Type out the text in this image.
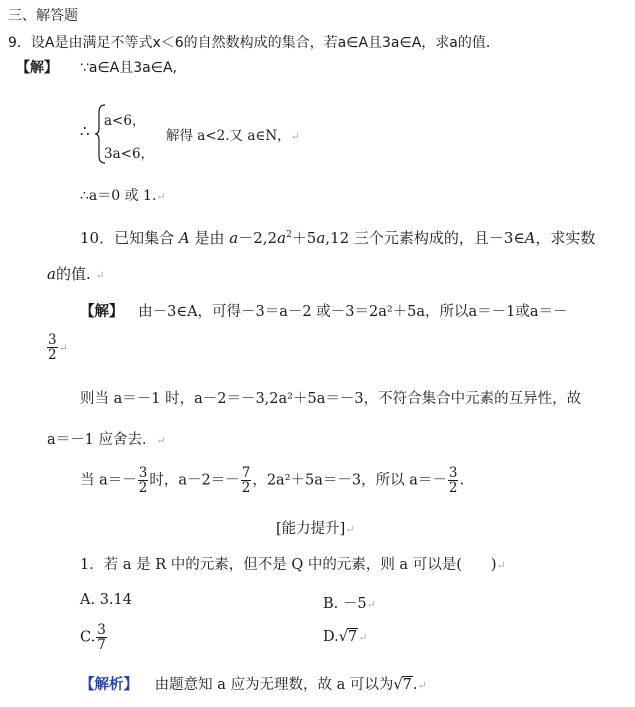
三、解答题
9．设A是由满足不等式x＜6的自然数构成的集合，若a∈A且3a∈A，求a的值．
【解】 ∵a∈A且3a∈A,
∴
a<6，
3a<6，
解得 a<2.又 a∈N，↵
∴a＝0 或 1.↵
10．已知集合 A 是由 $a-2,2a^2+5a,12$ 三个元素构成的，且－3∈A，求实数
a的值. ↵
【解】 由－3∈A，可得－3＝a－2 或－3＝2a²＋5a，所以a＝－1或a＝－
$\frac{3}{2}$ ↵
则当 a＝－1 时，a－2＝－3,2a²＋5a＝－3，不符合集合中元素的互异性，故
a＝－1 应舍去．↵
当 $a=- \frac{3}{2}$ 时，$a-2=- \frac{7}{2}$ ，2a²＋5a＝－3，所以 $a=- \frac{3}{2}$ .
[能力提升]↵
1．若 a 是 R 中的元素，但不是 Q 中的元素，则 a 可以是(　　)↵
A. 3.14	B. －5↵
C. $\frac{3}{7}$	D.√7↵
【解析】 由题意知 a 应为无理数，故 a 可以为√7.↵
